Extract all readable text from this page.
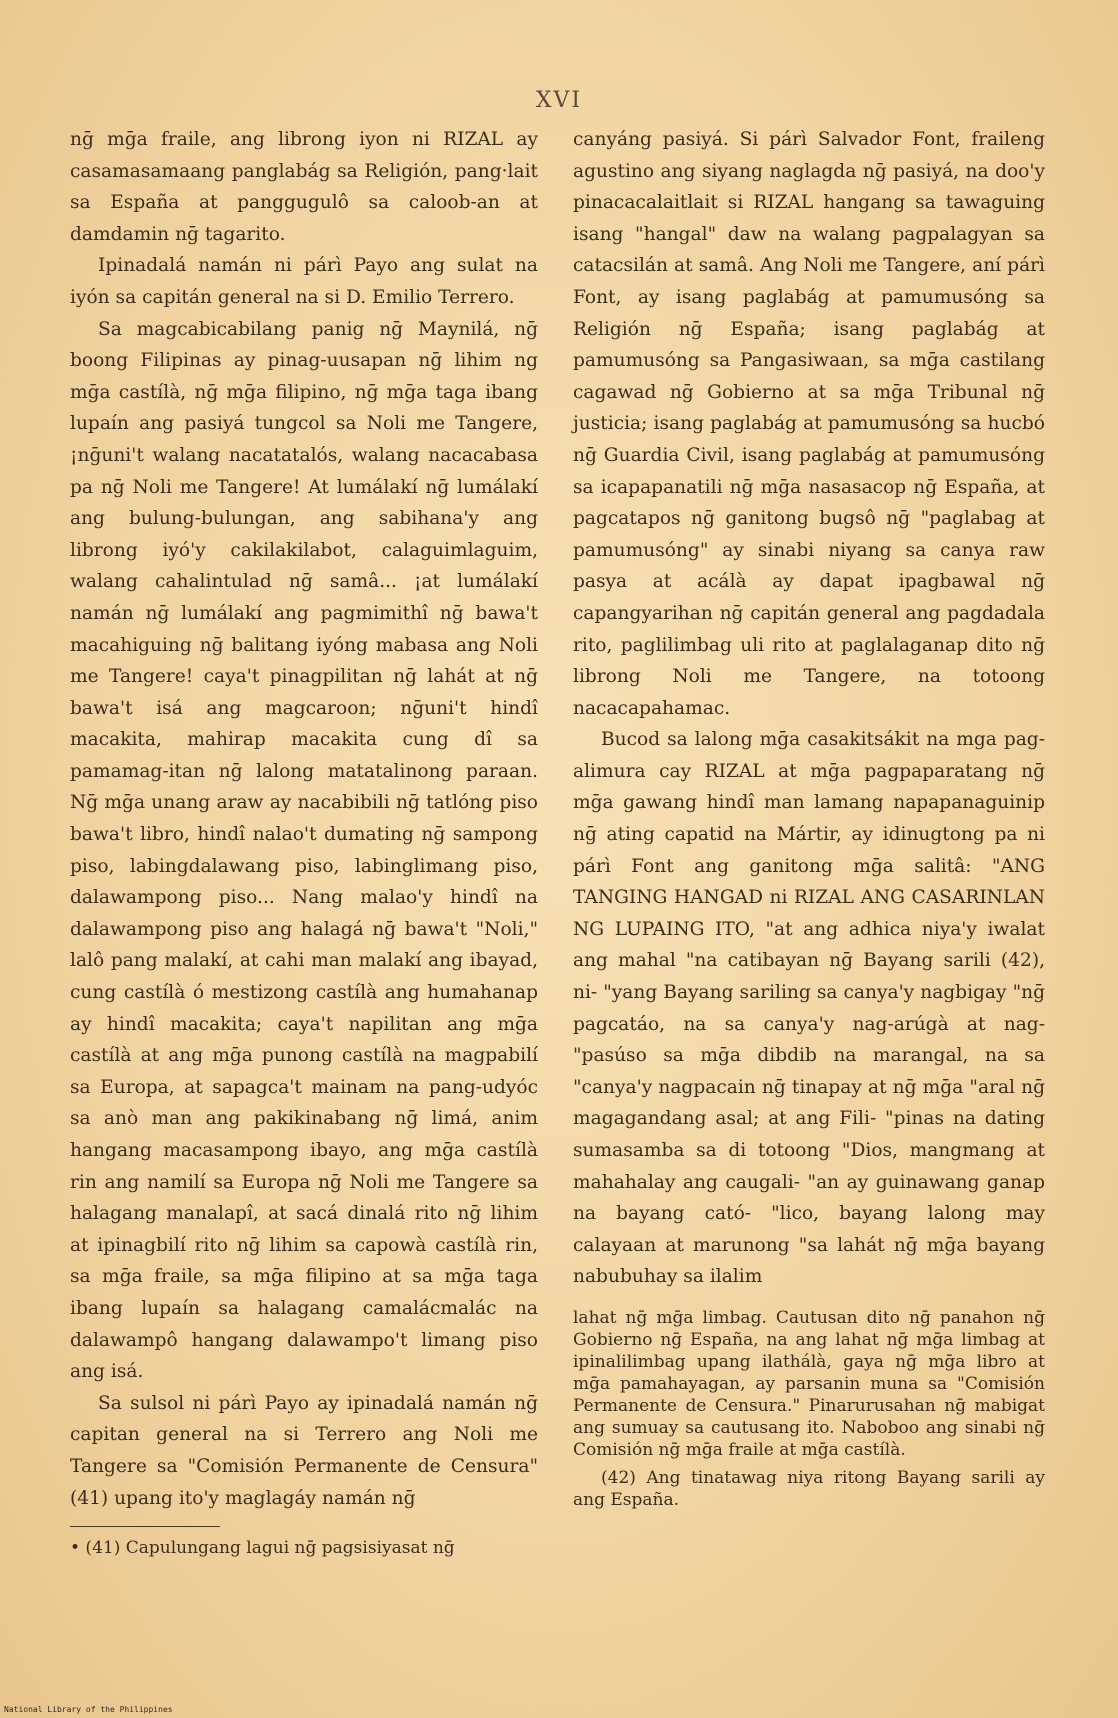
XVI

nḡ mḡa fraile, ang librong iyon ni RIZAL ay casamasamaang panglabág sa Religión, pang·lait sa España at panggugulô sa caloob-an at damdamin nḡ tagarito.

Ipinadalá namán ni párì Payo ang sulat na iyón sa capitán general na si D. Emilio Terrero.

Sa magcabicabilang panig nḡ Maynilá, nḡ boong Filipinas ay pinag-uusapan nḡ lihim ng mḡa castílà, nḡ mḡa filipino, nḡ mḡa taga ibang lupaín ang pasiyá tungcol sa Noli me Tangere, ¡nḡuni't walang nacatatalós, walang nacacabasa pa nḡ Noli me Tangere! At lumálakí nḡ lumálakí ang bulung-bulungan, ang sabihana'y ang librong iyó'y cakilakilabot, calaguimlaguim, walang cahalintulad nḡ samâ... ¡at lumálakí namán nḡ lumálakí ang pagmimithî nḡ bawa't macahiguing nḡ balitang iyóng mabasa ang Noli me Tangere! caya't pinagpilitan nḡ lahát at nḡ bawa't isá ang magcaroon; nḡuni't hindî macakita, mahirap macakita cung dî sa pamamag-itan nḡ lalong matatalinong paraan. Nḡ mḡa unang araw ay nacabibili nḡ tatlóng piso bawa't libro, hindî nalao't dumating nḡ sampong piso, labingdalawang piso, labinglimang piso, dalawampong piso... Nang malao'y hindî na dalawampong piso ang halagá nḡ bawa't "Noli," lalô pang malakí, at cahi man malakí ang ibayad, cung castílà ó mestizong castílà ang humahanap ay hindî macakita; caya't napilitan ang mḡa castílà at ang mḡa punong castílà na magpabilí sa Europa, at sapagca't mainam na pang-udyóc sa anò man ang pakikinabang nḡ limá, anim hangang macasampong ibayo, ang mḡa castílà rin ang namilí sa Europa nḡ Noli me Tangere sa halagang manalapî, at sacá dinalá rito nḡ lihim at ipinagbilí rito nḡ lihim sa capowà castílà rin, sa mḡa fraile, sa mḡa filipino at sa mḡa taga ibang lupaín sa halagang camalácmalác na dalawampô hangang dalawampo't limang piso ang isá.

Sa sulsol ni párì Payo ay ipinadalá namán nḡ capitan general na si Terrero ang Noli me Tangere sa "Comisión Permanente de Censura" (41) upang ito'y maglagáy namán nḡ

• (41) Capulungang lagui nḡ pagsisiyasat nḡ

canyáng pasiyá. Si párì Salvador Font, fraileng agustino ang siyang naglagda nḡ pasiyá, na doo'y pinacacalaitlait si RIZAL hangang sa tawaguing isang "hangal" daw na walang pagpalagyan sa catacsilán at samâ. Ang Noli me Tangere, aní párì Font, ay isang paglabág at pamumusóng sa Religión nḡ España; isang paglabág at pamumusóng sa Pangasiwaan, sa mḡa castilang cagawad nḡ Gobierno at sa mḡa Tribunal nḡ justicia; isang paglabág at pamumusóng sa hucbó nḡ Guardia Civil, isang paglabág at pamumusóng sa icapapanatili nḡ mḡa nasasacop nḡ España, at pagcatapos nḡ ganitong bugsô nḡ "paglabag at pamumusóng" ay sinabi niyang sa canya raw pasya at acálà ay dapat ipagbawal nḡ capangyarihan nḡ capitán general ang pagdadala rito, paglilimbag uli rito at paglalaganap dito nḡ librong Noli me Tangere, na totoong nacacapahamac.

Bucod sa lalong mḡa casakitsákit na mga pag-alimura cay RIZAL at mḡa pagpaparatang nḡ mḡa gawang hindî man lamang napapanaguinip nḡ ating capatid na Mártir, ay idinugtong pa ni párì Font ang ganitong mḡa salitâ: "ANG TANGING HANGAD ni RIZAL ANG CASARINLAN NG LUPAING ITO, "at ang adhica niya'y iwalat ang mahal "na catibayan nḡ Bayang sarili (42), ni- "yang Bayang sariling sa canya'y nagbigay "nḡ pagcatáo, na sa canya'y nag-arúgà at nag- "pasúso sa mḡa dibdib na marangal, na sa "canya'y nagpacain nḡ tinapay at nḡ mḡa "aral nḡ magagandang asal; at ang Fili- "pinas na dating sumasamba sa di totoong "Dios, mangmang at mahahalay ang caugali- "an ay guinawang ganap na bayang cató- "lico, bayang lalong may calayaan at marunong "sa lahát nḡ mḡa bayang nabubuhay sa ilalim

lahat nḡ mḡa limbag. Cautusan dito nḡ panahon nḡ Gobierno nḡ España, na ang lahat nḡ mḡa limbag at ipinalilimbag upang ilathálà, gaya nḡ mḡa libro at mḡa pamahayagan, ay parsanin muna sa "Comisión Permanente de Censura." Pinarurusahan nḡ mabigat ang sumuay sa cautusang ito. Naboboo ang sinabi nḡ Comisión nḡ mḡa fraile at mḡa castílà.

(42) Ang tinatawag niya ritong Bayang sarili ay ang España.

National Library of the Philippines
